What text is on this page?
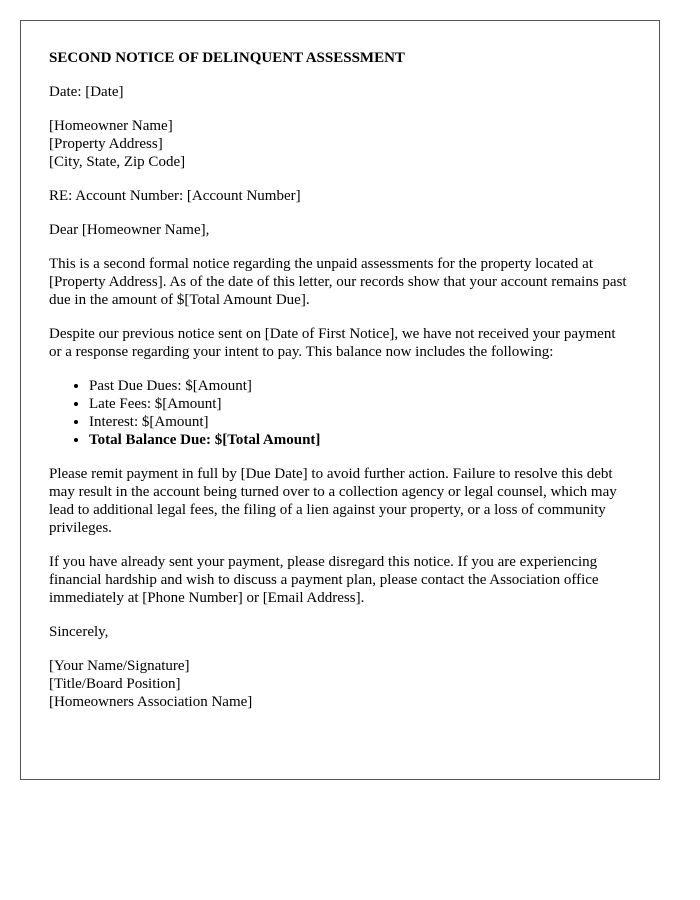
SECOND NOTICE OF DELINQUENT ASSESSMENT

Date: [Date]

[Homeowner Name]
[Property Address]
[City, State, Zip Code]

RE: Account Number: [Account Number]

Dear [Homeowner Name],

This is a second formal notice regarding the unpaid assessments for the property located at [Property Address]. As of the date of this letter, our records show that your account remains past due in the amount of $[Total Amount Due].

Despite our previous notice sent on [Date of First Notice], we have not received your payment or a response regarding your intent to pay. This balance now includes the following:

• Past Due Dues: $[Amount]
• Late Fees: $[Amount]
• Interest: $[Amount]
• Total Balance Due: $[Total Amount]

Please remit payment in full by [Due Date] to avoid further action. Failure to resolve this debt may result in the account being turned over to a collection agency or legal counsel, which may lead to additional legal fees, the filing of a lien against your property, or a loss of community privileges.

If you have already sent your payment, please disregard this notice. If you are experiencing financial hardship and wish to discuss a payment plan, please contact the Association office immediately at [Phone Number] or [Email Address].

Sincerely,

[Your Name/Signature]
[Title/Board Position]
[Homeowners Association Name]
